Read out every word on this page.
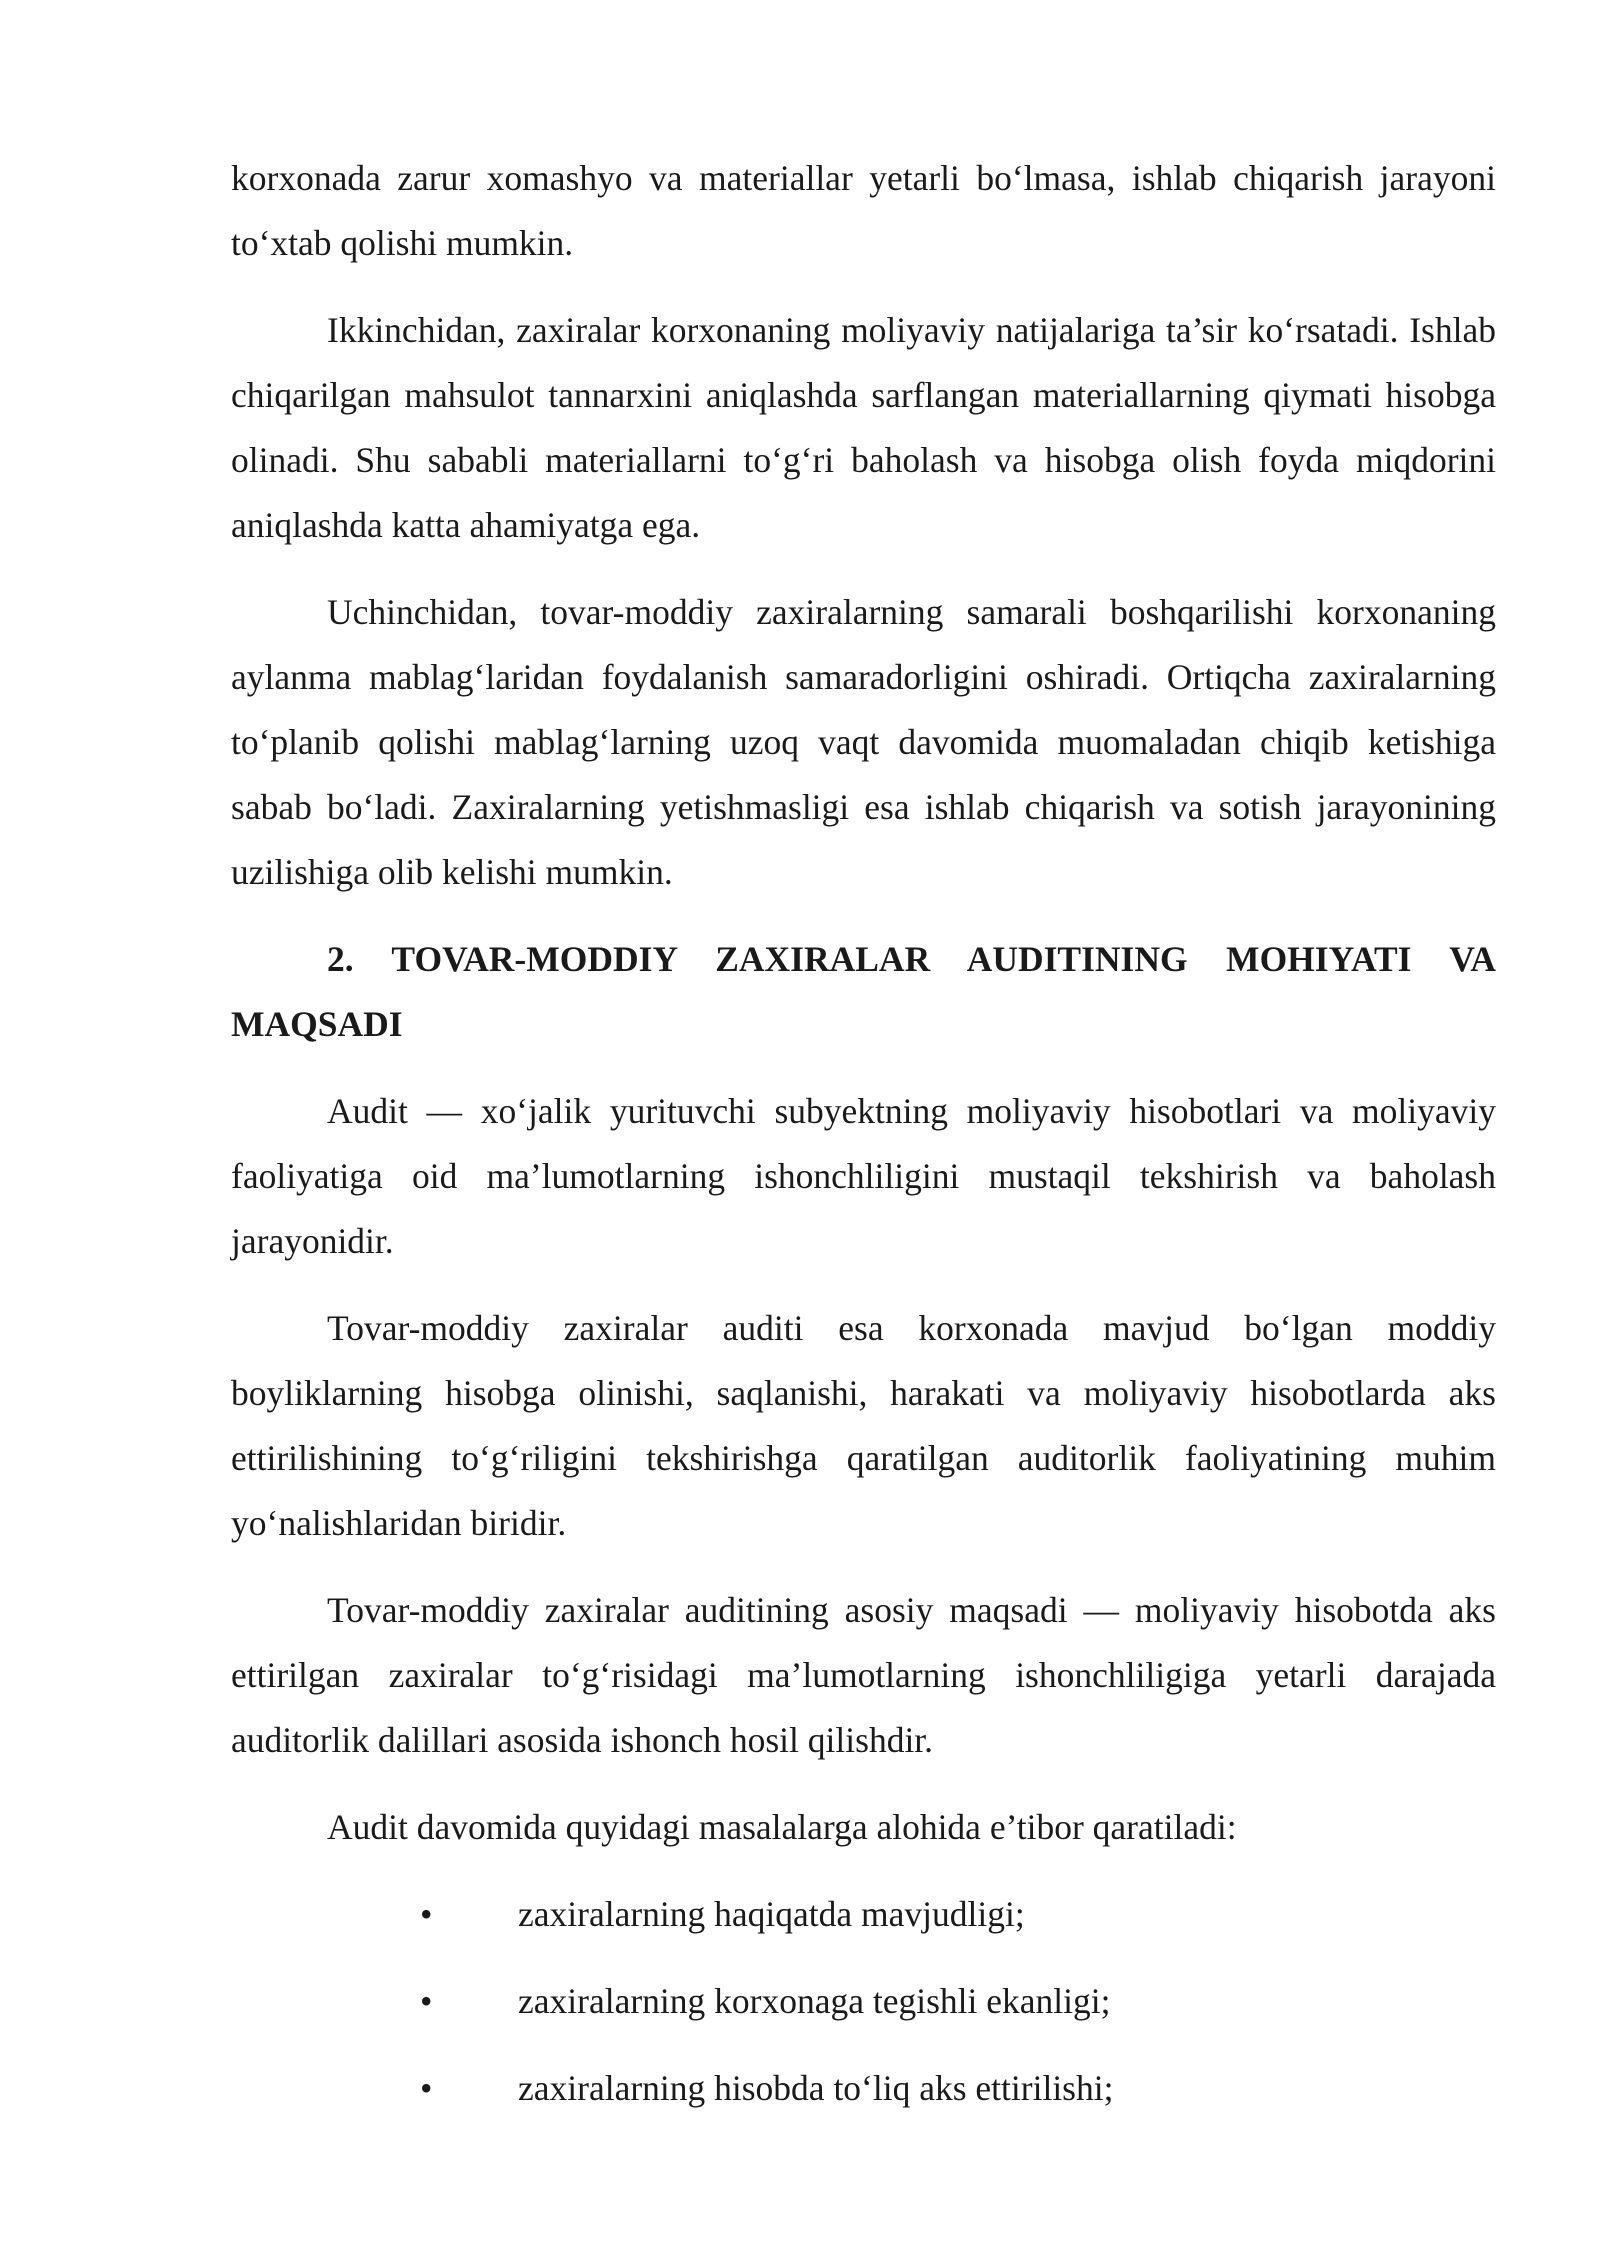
korxonada zarur xomashyo va materiallar yetarli bo‘lmasa, ishlab chiqarish jarayoni to‘xtab qolishi mumkin.

Ikkinchidan, zaxiralar korxonaning moliyaviy natijalariga ta’sir ko‘rsatadi. Ishlab chiqarilgan mahsulot tannarxini aniqlashda sarflangan materiallarning qiymati hisobga olinadi. Shu sababli materiallarni to‘g‘ri baholash va hisobga olish foyda miqdorini aniqlashda katta ahamiyatga ega.

Uchinchidan, tovar-moddiy zaxiralarning samarali boshqarilishi korxonaning aylanma mablag‘laridan foydalanish samaradorligini oshiradi. Ortiqcha zaxiralarning to‘planib qolishi mablag‘larning uzoq vaqt davomida muomaladan chiqib ketishiga sabab bo‘ladi. Zaxiralarning yetishmasligi esa ishlab chiqarish va sotish jarayonining uzilishiga olib kelishi mumkin.

2. TOVAR-MODDIY ZAXIRALAR AUDITINING MOHIYATI VA MAQSADI

Audit — xo‘jalik yurituvchi subyektning moliyaviy hisobotlari va moliyaviy faoliyatiga oid ma’lumotlarning ishonchliligini mustaqil tekshirish va baholash jarayonidir.

Tovar-moddiy zaxiralar auditi esa korxonada mavjud bo‘lgan moddiy boyliklarning hisobga olinishi, saqlanishi, harakati va moliyaviy hisobotlarda aks ettirilishining to‘g‘riligini tekshirishga qaratilgan auditorlik faoliyatining muhim yo‘nalishlaridan biridir.

Tovar-moddiy zaxiralar auditining asosiy maqsadi — moliyaviy hisobotda aks ettirilgan zaxiralar to‘g‘risidagi ma’lumotlarning ishonchliligiga yetarli darajada auditorlik dalillari asosida ishonch hosil qilishdir.

Audit davomida quyidagi masalalarga alohida e’tibor qaratiladi:

• zaxiralarning haqiqatda mavjudligi;
• zaxiralarning korxonaga tegishli ekanligi;
• zaxiralarning hisobda to‘liq aks ettirilishi;
